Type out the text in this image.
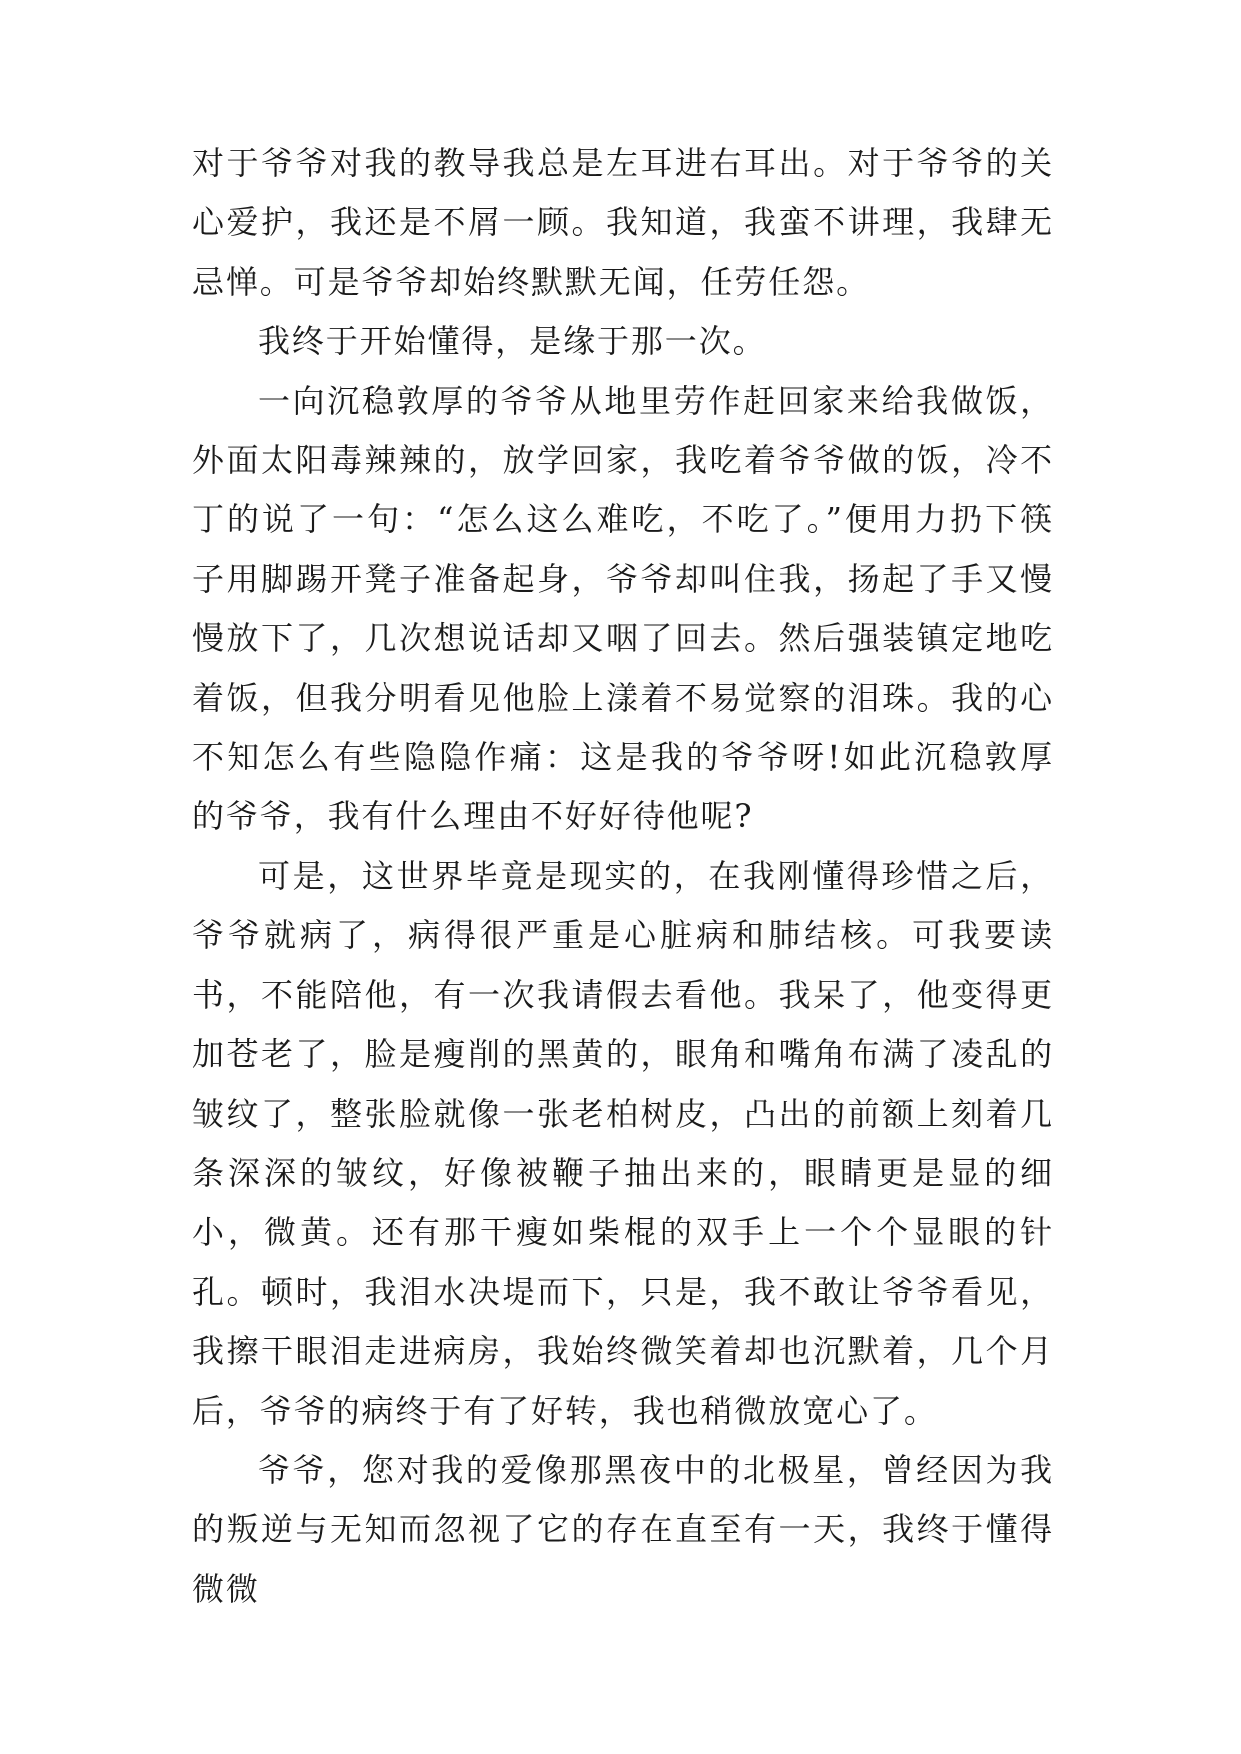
对于爷爷对我的教导我总是左耳进右耳出。对于爷爷的关心爱护，我还是不屑一顾。我知道，我蛮不讲理，我肆无忌惮。可是爷爷却始终默默无闻，任劳任怨。

我终于开始懂得，是缘于那一次。

一向沉稳敦厚的爷爷从地里劳作赶回家来给我做饭，外面太阳毒辣辣的，放学回家，我吃着爷爷做的饭，冷不丁的说了一句：“怎么这么难吃，不吃了。”便用力扔下筷子用脚踢开凳子准备起身，爷爷却叫住我，扬起了手又慢慢放下了，几次想说话却又咽了回去。然后强装镇定地吃着饭，但我分明看见他脸上漾着不易觉察的泪珠。我的心不知怎么有些隐隐作痛：这是我的爷爷呀!如此沉稳敦厚的爷爷，我有什么理由不好好待他呢?

可是，这世界毕竟是现实的，在我刚懂得珍惜之后，爷爷就病了，病得很严重是心脏病和肺结核。可我要读书，不能陪他，有一次我请假去看他。我呆了，他变得更加苍老了，脸是瘦削的黑黄的，眼角和嘴角布满了凌乱的皱纹了，整张脸就像一张老柏树皮，凸出的前额上刻着几条深深的皱纹，好像被鞭子抽出来的，眼睛更是显的细小，微黄。还有那干瘦如柴棍的双手上一个个显眼的针孔。顿时，我泪水决堤而下，只是，我不敢让爷爷看见，我擦干眼泪走进病房，我始终微笑着却也沉默着，几个月后，爷爷的病终于有了好转，我也稍微放宽心了。

爷爷，您对我的爱像那黑夜中的北极星，曾经因为我的叛逆与无知而忽视了它的存在直至有一天，我终于懂得微微
